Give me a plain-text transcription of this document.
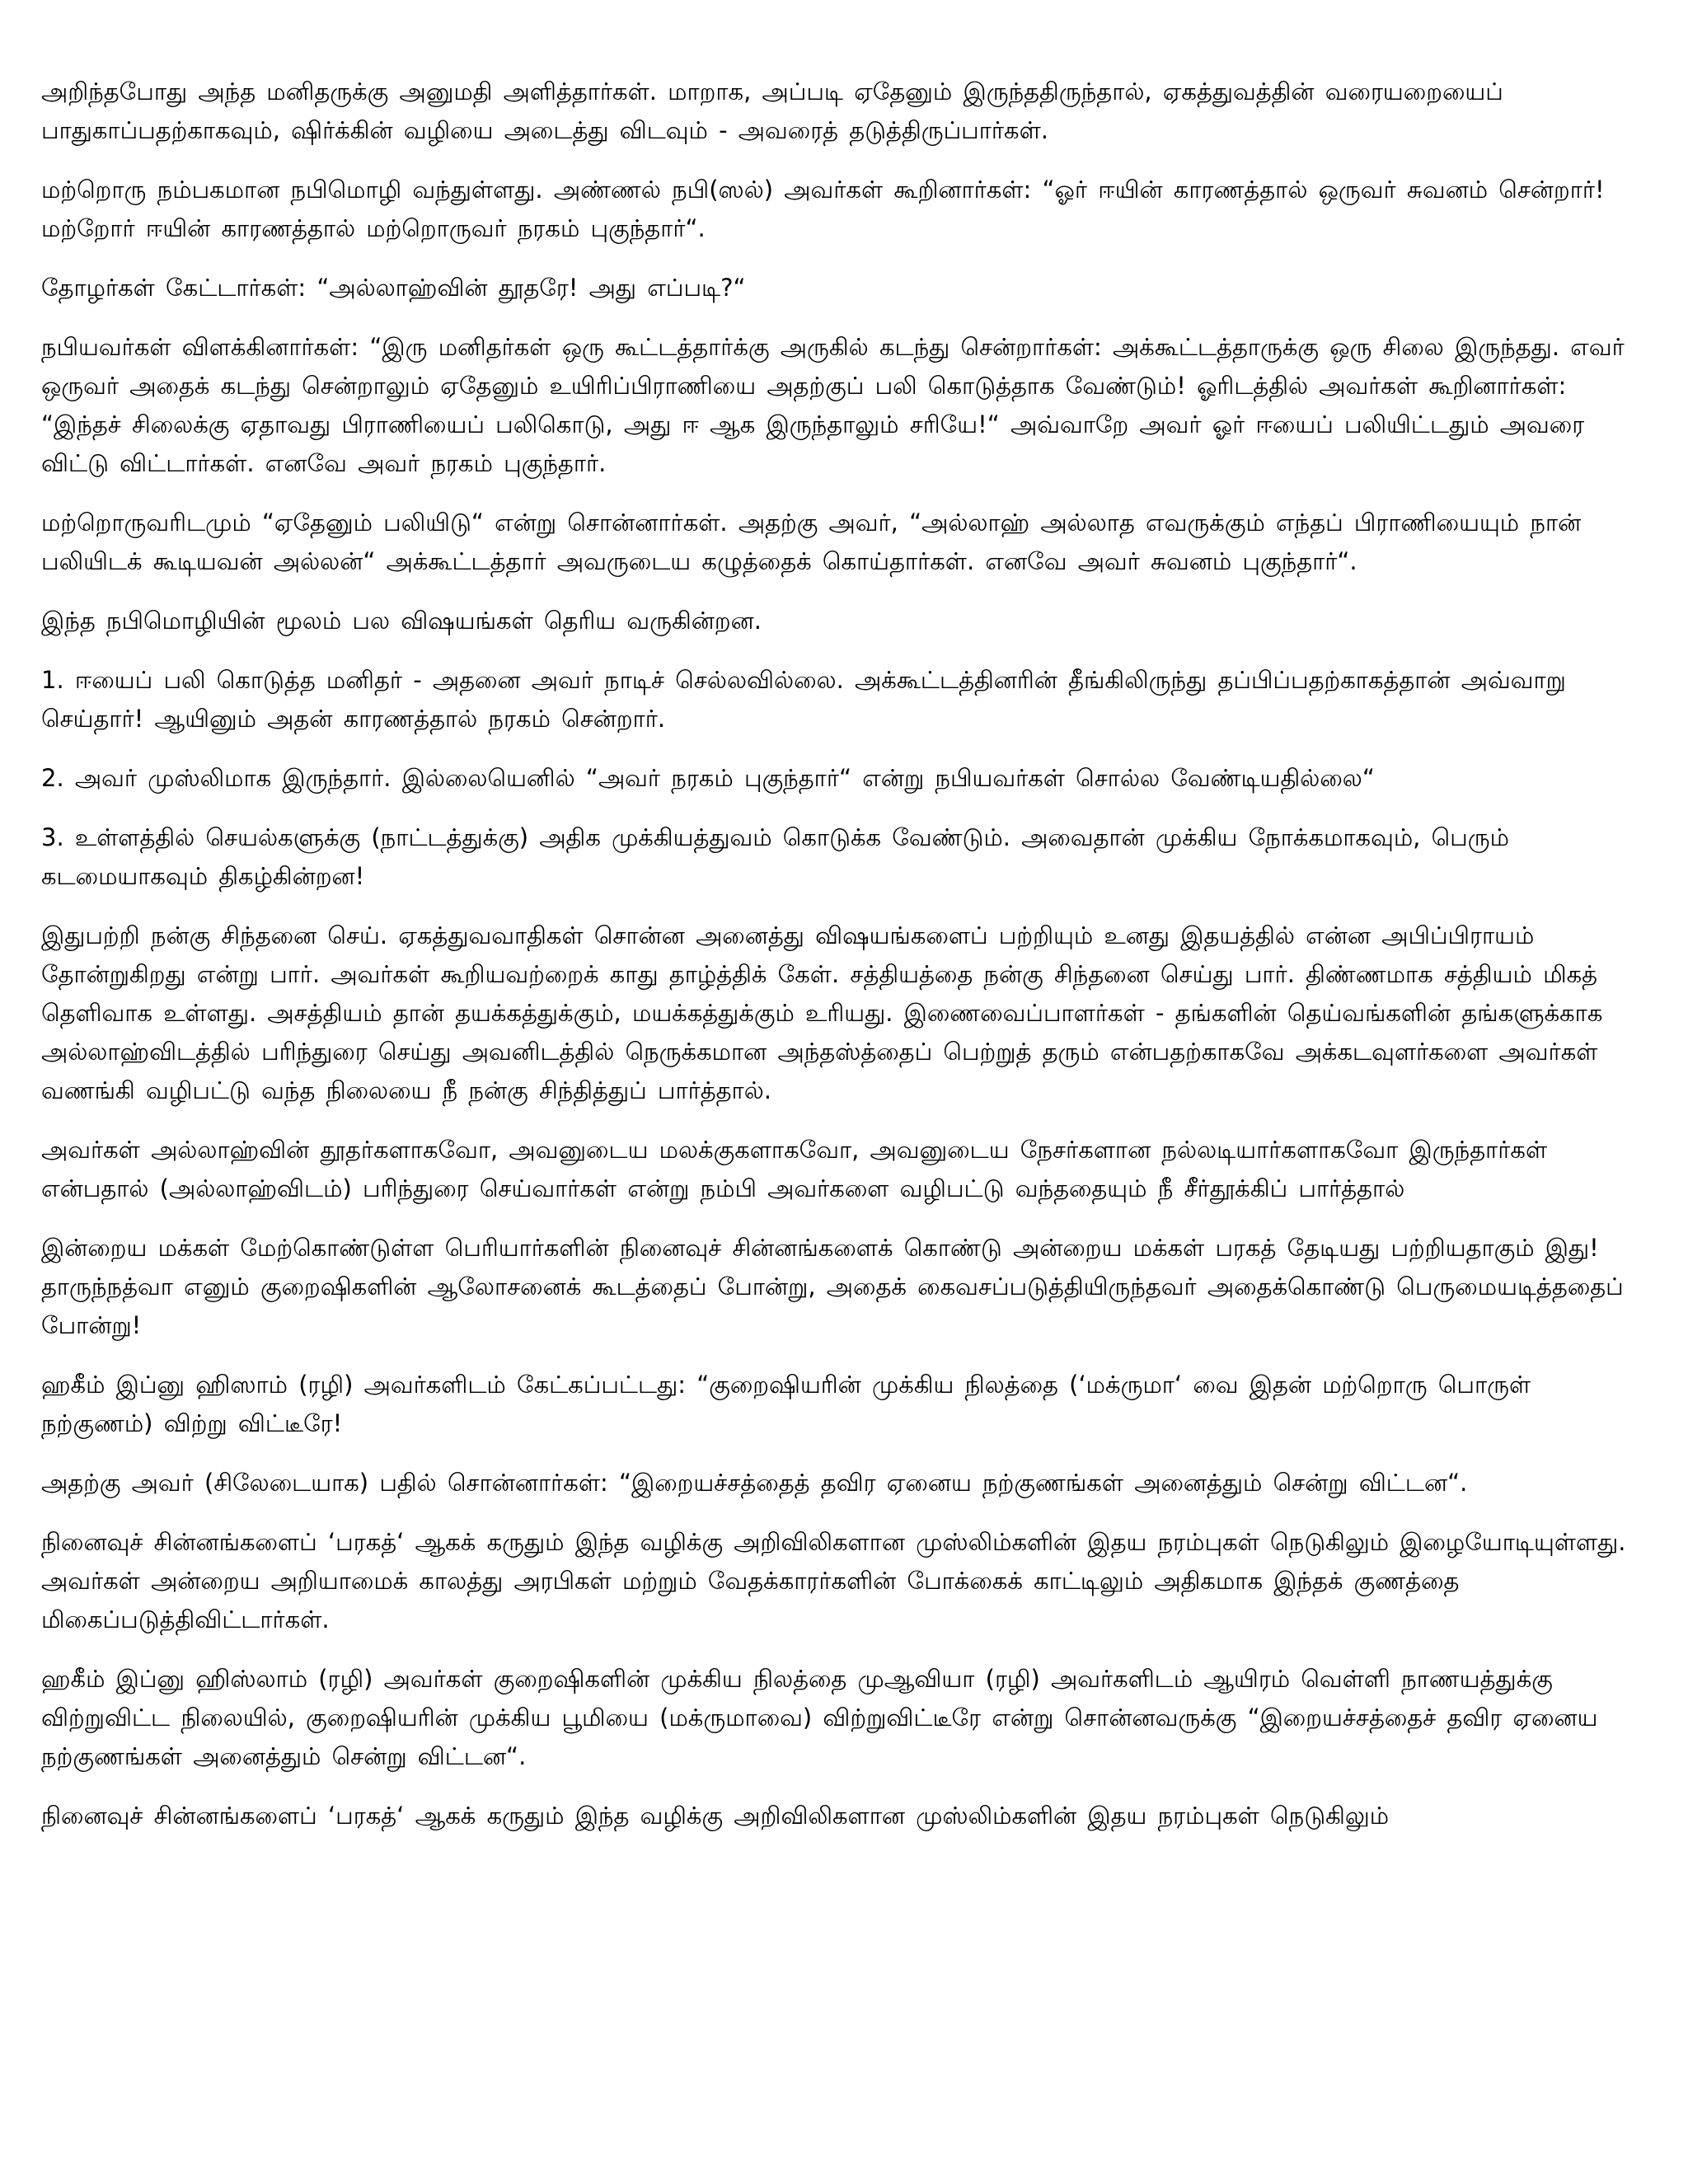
அறிந்தபோது அந்த மனிதருக்கு அனுமதி அளித்தார்கள். மாறாக, அப்படி ஏதேனும் இருந்ததிருந்தால், ஏகத்துவத்தின் வரையறையைப் பாதுகாப்பதற்காகவும், ஷிர்க்கின் வழியை அடைத்து விடவும் - அவரைத் தடுத்திருப்பார்கள்.

மற்றொரு நம்பகமான நபிமொழி வந்துள்ளது. அண்ணல் நபி(ஸல்) அவர்கள் கூறினார்கள்: “ஓர் ஈயின் காரணத்தால் ஒருவர் சுவனம் சென்றார்! மற்றோர் ஈயின் காரணத்தால் மற்றொருவர் நரகம் புகுந்தார்“.

தோழர்கள் கேட்டார்கள்: “அல்லாஹ்வின் தூதரே! அது எப்படி?“

நபியவர்கள் விளக்கினார்கள்: “இரு மனிதர்கள் ஒரு கூட்டத்தார்க்கு அருகில் கடந்து சென்றார்கள்: அக்கூட்டத்தாருக்கு ஒரு சிலை இருந்தது. எவர் ஒருவர் அதைக் கடந்து சென்றாலும் ஏதேனும் உயிரிப்பிராணியை அதற்குப் பலி கொடுத்தாக வேண்டும்! ஓரிடத்தில் அவர்கள் கூறினார்கள்: “இந்தச் சிலைக்கு ஏதாவது பிராணியைப் பலிகொடு, அது ஈ ஆக இருந்தாலும் சரியே!“ அவ்வாறே அவர் ஓர் ஈயைப் பலியிட்டதும் அவரை விட்டு விட்டார்கள். எனவே அவர் நரகம் புகுந்தார்.

மற்றொருவரிடமும் “ஏதேனும் பலியிடு“ என்று சொன்னார்கள். அதற்கு அவர், “அல்லாஹ் அல்லாத எவருக்கும் எந்தப் பிராணியையும் நான் பலியிடக் கூடியவன் அல்லன்“ அக்கூட்டத்தார் அவருடைய கழுத்தைக் கொய்தார்கள். எனவே அவர் சுவனம் புகுந்தார்“.

இந்த நபிமொழியின் மூலம் பல விஷயங்கள் தெரிய வருகின்றன.

1. ஈயைப் பலி கொடுத்த மனிதர் - அதனை அவர் நாடிச் செல்லவில்லை. அக்கூட்டத்தினரின் தீங்கிலிருந்து தப்பிப்பதற்காகத்தான் அவ்வாறு செய்தார்! ஆயினும் அதன் காரணத்தால் நரகம் சென்றார்.

2. அவர் முஸ்லிமாக இருந்தார். இல்லையெனில் “அவர் நரகம் புகுந்தார்“ என்று நபியவர்கள் சொல்ல வேண்டியதில்லை“

3. உள்ளத்தில் செயல்களுக்கு (நாட்டத்துக்கு) அதிக முக்கியத்துவம் கொடுக்க வேண்டும். அவைதான் முக்கிய நோக்கமாகவும், பெரும் கடமையாகவும் திகழ்கின்றன!

இதுபற்றி நன்கு சிந்தனை செய். ஏகத்துவவாதிகள் சொன்ன அனைத்து விஷயங்களைப் பற்றியும் உனது இதயத்தில் என்ன அபிப்பிராயம் தோன்றுகிறது என்று பார். அவர்கள் கூறியவற்றைக் காது தாழ்த்திக் கேள். சத்தியத்தை நன்கு சிந்தனை செய்து பார். திண்ணமாக சத்தியம் மிகத் தெளிவாக உள்ளது. அசத்தியம் தான் தயக்கத்துக்கும், மயக்கத்துக்கும் உரியது. இணைவைப்பாளர்கள் - தங்களின் தெய்வங்களின் தங்களுக்காக அல்லாஹ்விடத்தில் பரிந்துரை செய்து அவனிடத்தில் நெருக்கமான அந்தஸ்த்தைப் பெற்றுத் தரும் என்பதற்காகவே அக்கடவுளர்களை அவர்கள் வணங்கி வழிபட்டு வந்த நிலையை நீ நன்கு சிந்தித்துப் பார்த்தால்.

அவர்கள் அல்லாஹ்வின் தூதர்களாகவோ, அவனுடைய மலக்குகளாகவோ, அவனுடைய நேசர்களான நல்லடியார்களாகவோ இருந்தார்கள் என்பதால் (அல்லாஹ்விடம்) பரிந்துரை செய்வார்கள் என்று நம்பி அவர்களை வழிபட்டு வந்ததையும் நீ சீர்தூக்கிப் பார்த்தால்

இன்றைய மக்கள் மேற்கொண்டுள்ள பெரியார்களின் நினைவுச் சின்னங்களைக் கொண்டு அன்றைய மக்கள் பரகத் தேடியது பற்றியதாகும் இது! தாருந்நத்வா எனும் குறைஷிகளின் ஆலோசனைக் கூடத்தைப் போன்று, அதைக் கைவசப்படுத்தியிருந்தவர் அதைக்கொண்டு பெருமையடித்ததைப் போன்று!

ஹகீம் இப்னு ஹிஸாம் (ரழி) அவர்களிடம் கேட்கப்பட்டது: “குறைஷியரின் முக்கிய நிலத்தை (‘மக்ருமா‘ வை இதன் மற்றொரு பொருள் நற்குணம்) விற்று விட்டீரே!

அதற்கு அவர் (சிலேடையாக) பதில் சொன்னார்கள்: “இறையச்சத்தைத் தவிர ஏனைய நற்குணங்கள் அனைத்தும் சென்று விட்டன“.

நினைவுச் சின்னங்களைப் ‘பரகத்‘ ஆகக் கருதும் இந்த வழிக்கு அறிவிலிகளான முஸ்லிம்களின் இதய நரம்புகள் நெடுகிலும் இழையோடியுள்ளது. அவர்கள் அன்றைய அறியாமைக் காலத்து அரபிகள் மற்றும் வேதக்காரர்களின் போக்கைக் காட்டிலும் அதிகமாக இந்தக் குணத்தை மிகைப்படுத்திவிட்டார்கள்.

ஹகீம் இப்னு ஹிஸ்லாம் (ரழி) அவர்கள் குறைஷிகளின் முக்கிய நிலத்தை முஆவியா (ரழி) அவர்களிடம் ஆயிரம் வெள்ளி நாணயத்துக்கு விற்றுவிட்ட நிலையில், குறைஷியரின் முக்கிய பூமியை (மக்ருமாவை) விற்றுவிட்டீரே என்று சொன்னவருக்கு “இறையச்சத்தைச் தவிர ஏனைய நற்குணங்கள் அனைத்தும் சென்று விட்டன“.

நினைவுச் சின்னங்களைப் ‘பரகத்‘ ஆகக் கருதும் இந்த வழிக்கு அறிவிலிகளான முஸ்லிம்களின் இதய நரம்புகள் நெடுகிலும்
